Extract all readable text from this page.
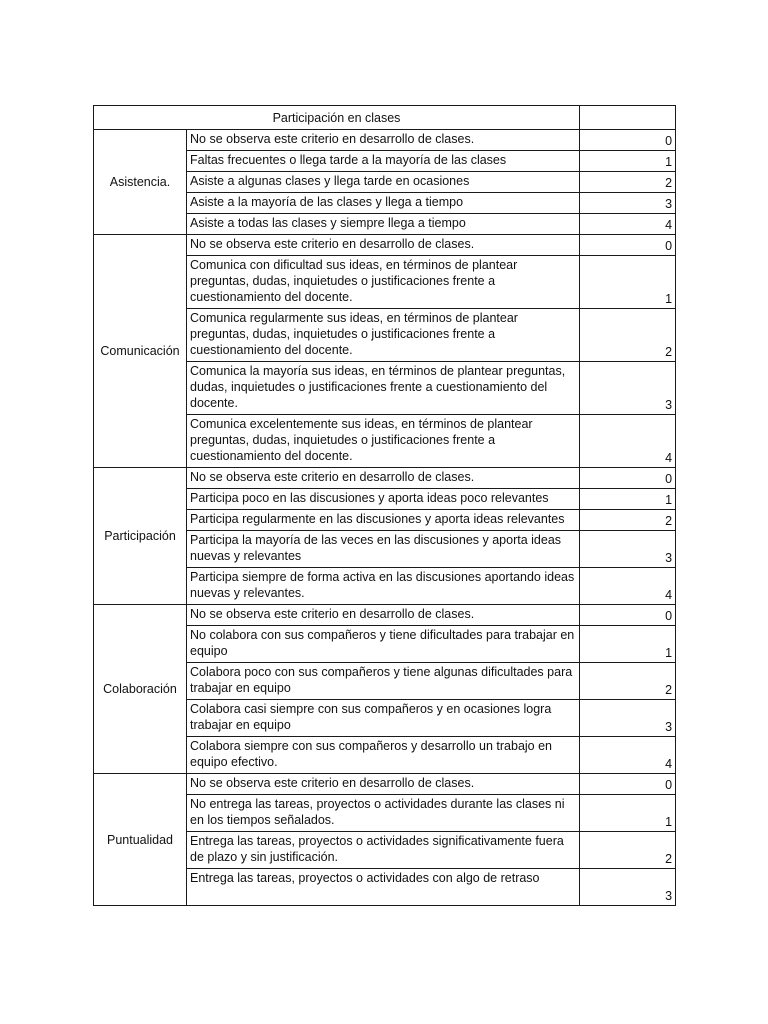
Participación en clases		
Asistencia.	No se observa este criterio en desarrollo de clases.	0
	Faltas frecuentes o llega tarde a la mayoría de las clases	1
	Asiste a algunas clases y llega tarde en ocasiones	2
	Asiste a la mayoría de las clases y llega a tiempo	3
	Asiste a todas las clases y siempre llega a tiempo	4
Comunicación	No se observa este criterio en desarrollo de clases.	0
	Comunica con dificultad sus ideas, en términos de plantear preguntas, dudas, inquietudes o justificaciones frente a cuestionamiento del docente.	1
	Comunica regularmente sus ideas, en términos de plantear preguntas, dudas, inquietudes o justificaciones frente a cuestionamiento del docente.	2
	Comunica la mayoría sus ideas, en términos de plantear preguntas, dudas, inquietudes o justificaciones frente a cuestionamiento del docente.	3
	Comunica excelentemente sus ideas, en términos de plantear preguntas, dudas, inquietudes o justificaciones frente a cuestionamiento del docente.	4
Participación	No se observa este criterio en desarrollo de clases.	0
	Participa poco en las discusiones y aporta ideas poco relevantes	1
	Participa regularmente en las discusiones y aporta ideas relevantes	2
	Participa la mayoría de las veces en las discusiones y aporta ideas nuevas y relevantes	3
	Participa siempre de forma activa en las discusiones aportando ideas nuevas y relevantes.	4
Colaboración	No se observa este criterio en desarrollo de clases.	0
	No colabora con sus compañeros y tiene dificultades para trabajar en equipo	1
	Colabora poco con sus compañeros y tiene algunas dificultades para trabajar en equipo	2
	Colabora casi siempre con sus compañeros y en ocasiones logra trabajar en equipo	3
	Colabora siempre con sus compañeros y desarrollo un trabajo en equipo efectivo.	4
Puntualidad	No se observa este criterio en desarrollo de clases.	0
	No entrega las tareas, proyectos o actividades durante las clases ni en los tiempos señalados.	1
	Entrega las tareas, proyectos o actividades significativamente fuera de plazo y sin justificación.	2
	Entrega las tareas, proyectos o actividades con algo de retraso	3
